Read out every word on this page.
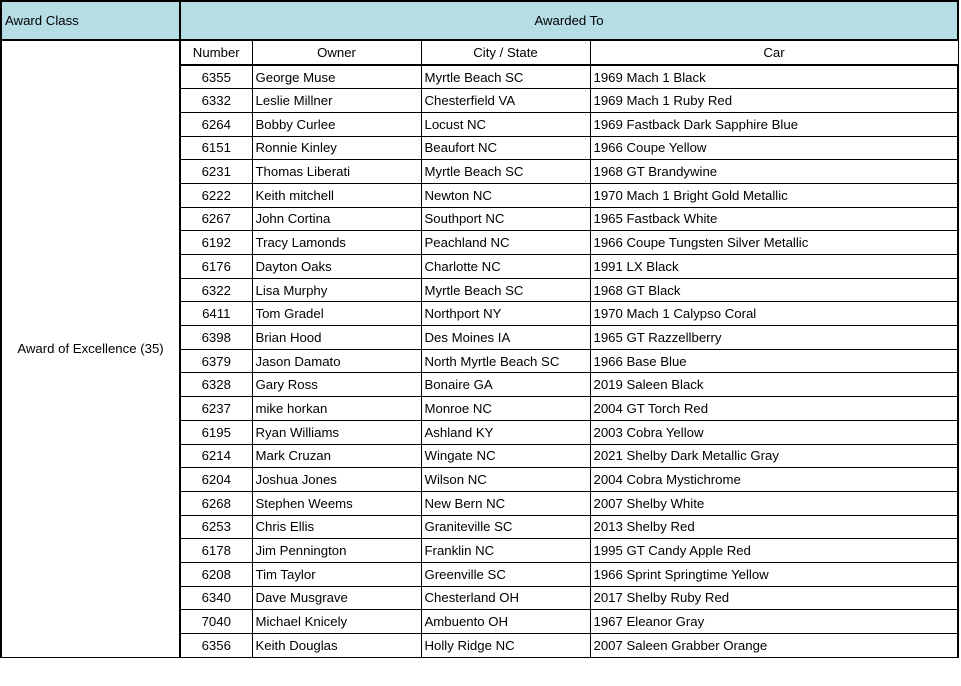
Award Class	Awarded To			
Award of Excellence (35)	Number	Owner	City / State	Car
	6355	George Muse	Myrtle Beach SC	1969 Mach 1 Black
	6332	Leslie Millner	Chesterfield VA	1969 Mach 1 Ruby Red
	6264	Bobby Curlee	Locust NC	1969 Fastback Dark Sapphire Blue
	6151	Ronnie Kinley	Beaufort NC	1966 Coupe Yellow
	6231	Thomas Liberati	Myrtle Beach SC	1968 GT Brandywine
	6222	Keith mitchell	Newton NC	1970 Mach 1 Bright Gold Metallic
	6267	John Cortina	Southport NC	1965 Fastback White
	6192	Tracy Lamonds	Peachland NC	1966 Coupe Tungsten Silver Metallic
	6176	Dayton Oaks	Charlotte NC	1991 LX Black
	6322	Lisa Murphy	Myrtle Beach SC	1968 GT Black
	6411	Tom Gradel	Northport NY	1970 Mach 1 Calypso Coral
	6398	Brian Hood	Des Moines IA	1965 GT Razzellberry
	6379	Jason Damato	North Myrtle Beach SC	1966 Base Blue
	6328	Gary Ross	Bonaire GA	2019 Saleen Black
	6237	mike horkan	Monroe NC	2004 GT Torch Red
	6195	Ryan Williams	Ashland KY	2003 Cobra Yellow
	6214	Mark Cruzan	Wingate NC	2021 Shelby Dark Metallic Gray
	6204	Joshua Jones	Wilson NC	2004 Cobra Mystichrome
	6268	Stephen Weems	New Bern NC	2007 Shelby White
	6253	Chris Ellis	Graniteville SC	2013 Shelby Red
	6178	Jim Pennington	Franklin NC	1995 GT Candy Apple Red
	6208	Tim Taylor	Greenville SC	1966 Sprint Springtime Yellow
	6340	Dave Musgrave	Chesterland OH	2017 Shelby Ruby Red
	7040	Michael Knicely	Ambuento OH	1967 Eleanor Gray
	6356	Keith Douglas	Holly Ridge NC	2007 Saleen Grabber Orange
